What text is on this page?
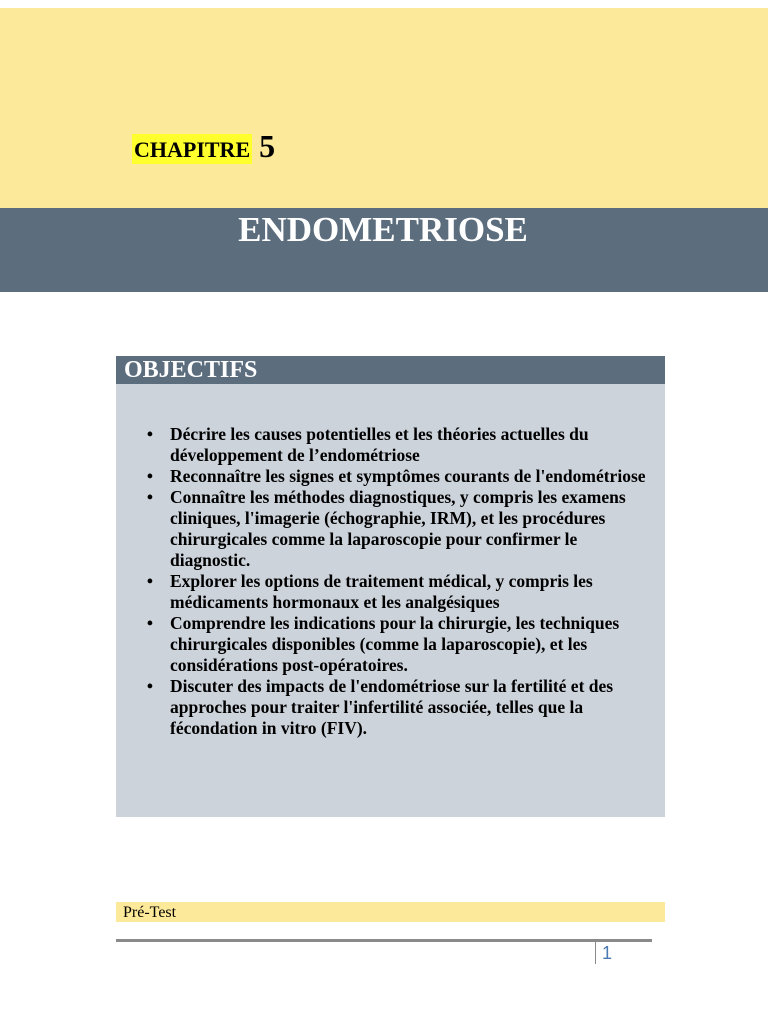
CHAPITRE 5
ENDOMETRIOSE
OBJECTIFS
• Décrire les causes potentielles et les théories actuelles du développement de l’endométriose
• Reconnaître les signes et symptômes courants de l'endométriose
• Connaître les méthodes diagnostiques, y compris les examens cliniques, l'imagerie (échographie, IRM), et les procédures chirurgicales comme la laparoscopie pour confirmer le diagnostic.
• Explorer les options de traitement médical, y compris les médicaments hormonaux et les analgésiques
• Comprendre les indications pour la chirurgie, les techniques chirurgicales disponibles (comme la laparoscopie), et les considérations post-opératoires.
• Discuter des impacts de l'endométriose sur la fertilité et des approches pour traiter l'infertilité associée, telles que la fécondation in vitro (FIV).
Pré-Test
1
